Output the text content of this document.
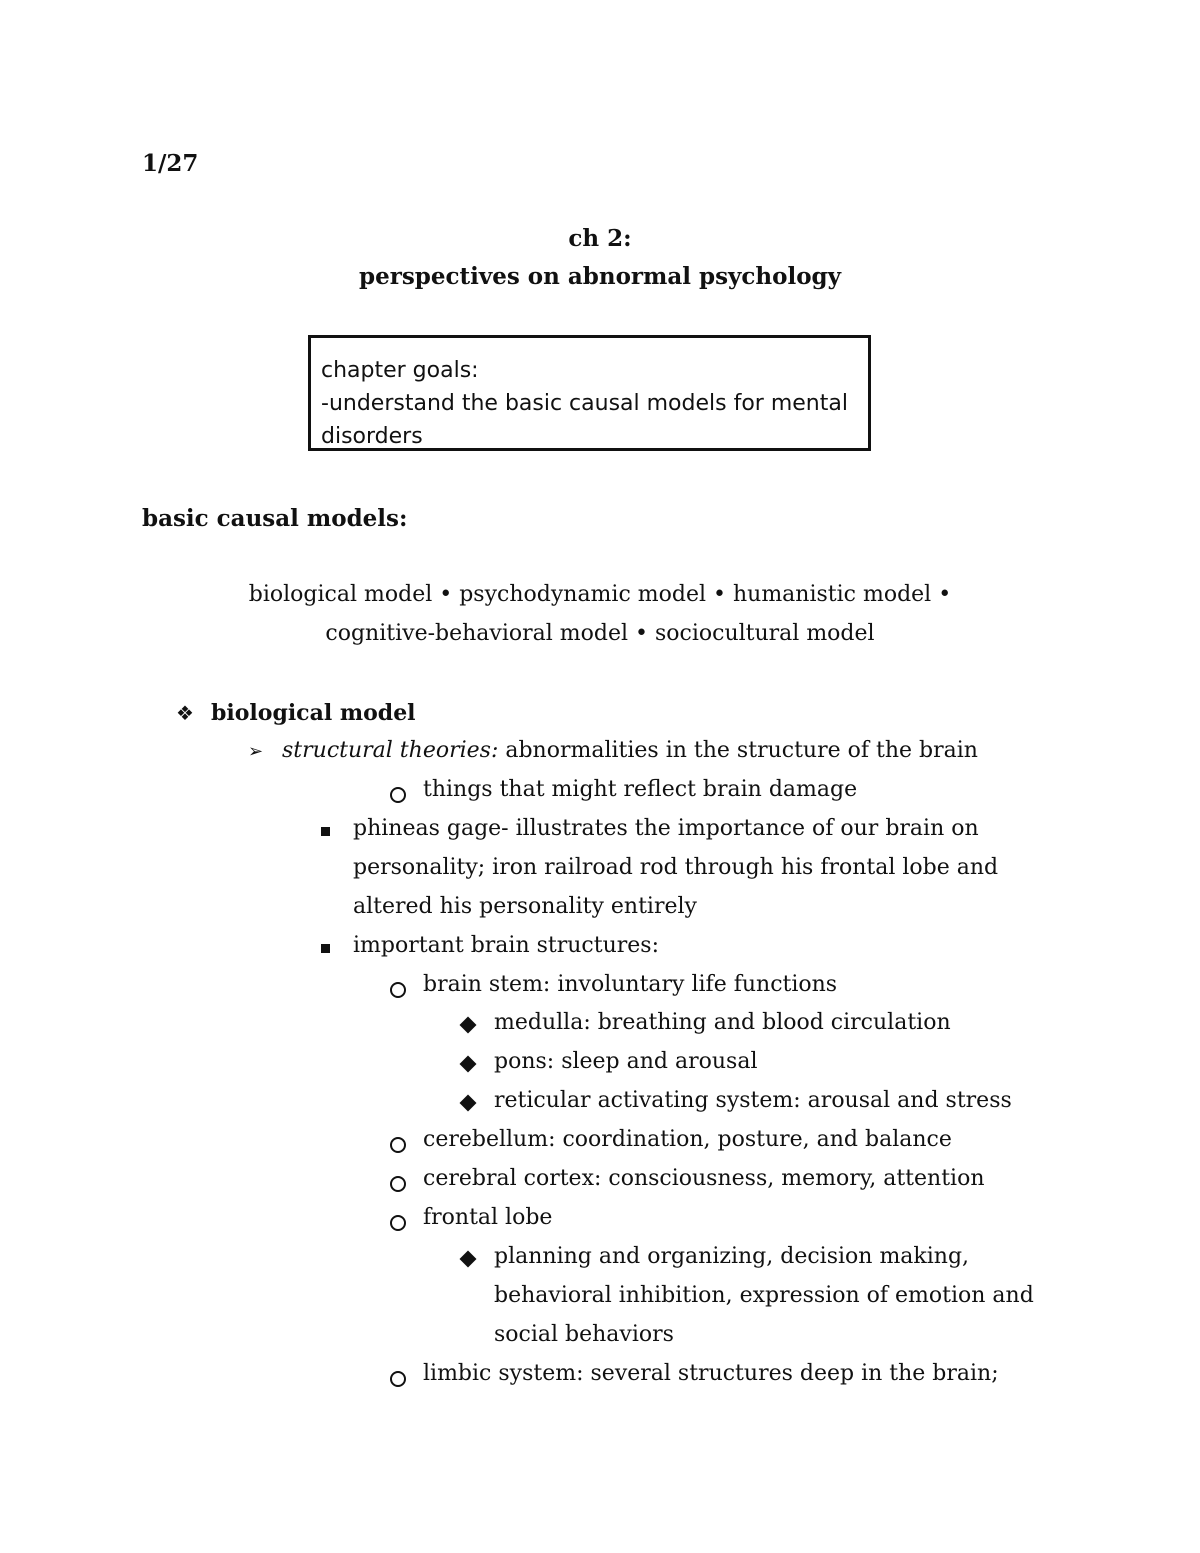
1/27
ch 2:
perspectives on abnormal psychology
chapter goals:
-understand the basic causal models for mental
disorders
basic causal models:
biological model • psychodynamic model • humanistic model •
cognitive-behavioral model • sociocultural model
❖ biological model
➢ structural theories: abnormalities in the structure of the brain
things that might reflect brain damage
phineas gage- illustrates the importance of our brain on
personality; iron railroad rod through his frontal lobe and
altered his personality entirely
important brain structures:
brain stem: involuntary life functions
medulla: breathing and blood circulation
pons: sleep and arousal
reticular activating system: arousal and stress
cerebellum: coordination, posture, and balance
cerebral cortex: consciousness, memory, attention
frontal lobe
planning and organizing, decision making,
behavioral inhibition, expression of emotion and
social behaviors
limbic system: several structures deep in the brain;
